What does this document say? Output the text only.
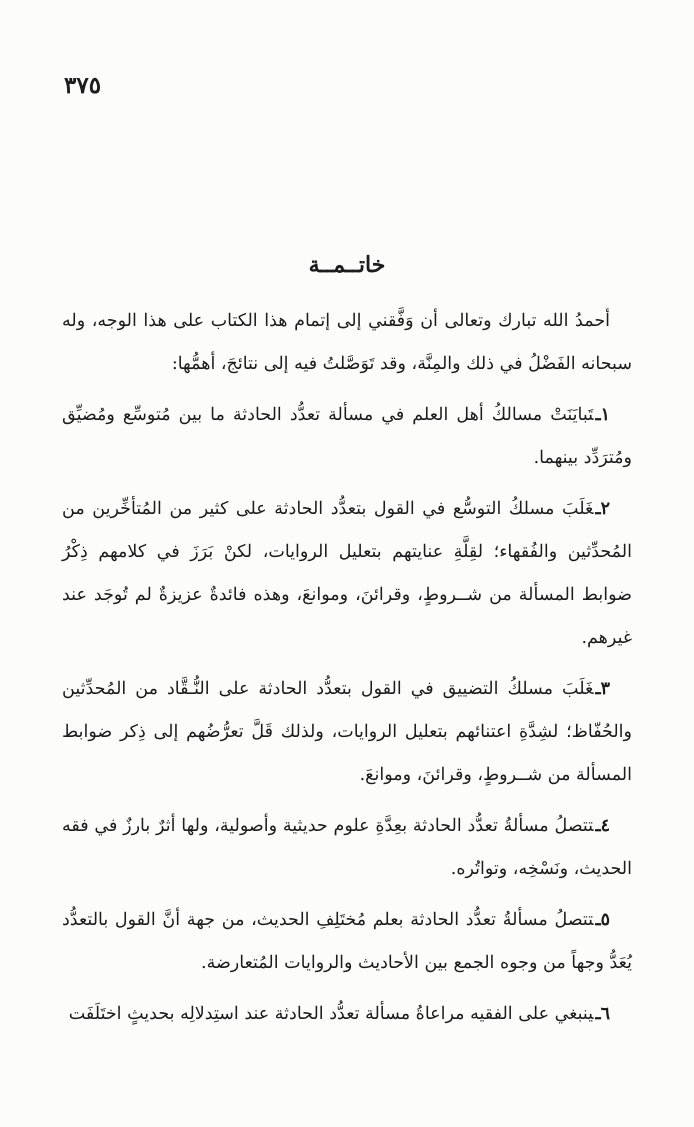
٣٧٥
خاتــمــة

أحمدُ الله تبارك وتعالى أن وَفَّقني إلى إتمام هذا الكتاب على هذا الوجه، وله سبحانه الفَضْلُ في ذلك والمِنَّة، وقد تَوَصَّلتُ فيه إلى نتائجَ، أهمُّها:

١ـتَبايَنَتْ مسالكُ أهل العلم في مسألة تعدُّد الحادثة ما بين مُتوسِّع ومُضيِّق ومُترَدِّد بينهما.

٢ـغَلَبَ مسلكُ التوسُّع في القول بتعدُّد الحادثة على كثير من المُتأخِّرين من المُحدِّثين والفُقهاء؛ لقِلَّةِ عنايتهم بتعليل الروايات، لكنْ بَرَزَ في كلامهم ذِكْرُ ضوابط المسألة من شــروطٍ، وقرائنَ، وموانعَ، وهذه فائدةٌ عزيزةٌ لم تُوجَد عند غيرهم.

٣ـغَلَبَ مسلكُ التضييق في القول بتعدُّد الحادثة على النُّـقَّاد من المُحدِّثين والحُفّاظ؛ لشِدَّةِ اعتنائهم بتعليل الروايات، ولذلك قَلَّ تعرُّضُهم إلى ذِكر ضوابط المسألة من شــروطٍ، وقرائنَ، وموانعَ.

٤ـتتصلُ مسألةُ تعدُّد الحادثة بعِدَّةِ علوم حديثية وأصولية، ولها أثرٌ بارزٌ في فقه الحديث، ونَسْخِه، وتواتُره.

٥ـتتصلُ مسألةُ تعدُّد الحادثة بعلم مُختَلِفِ الحديث، من جهة أنَّ القول بالتعدُّد يُعَدُّ وجهاً من وجوه الجمع بين الأحاديث والروايات المُتعارضة.

٦ـينبغي على الفقيه مراعاةُ مسألة تعدُّد الحادثة عند استِدلالِه بحديثٍ اختَلَفَت
